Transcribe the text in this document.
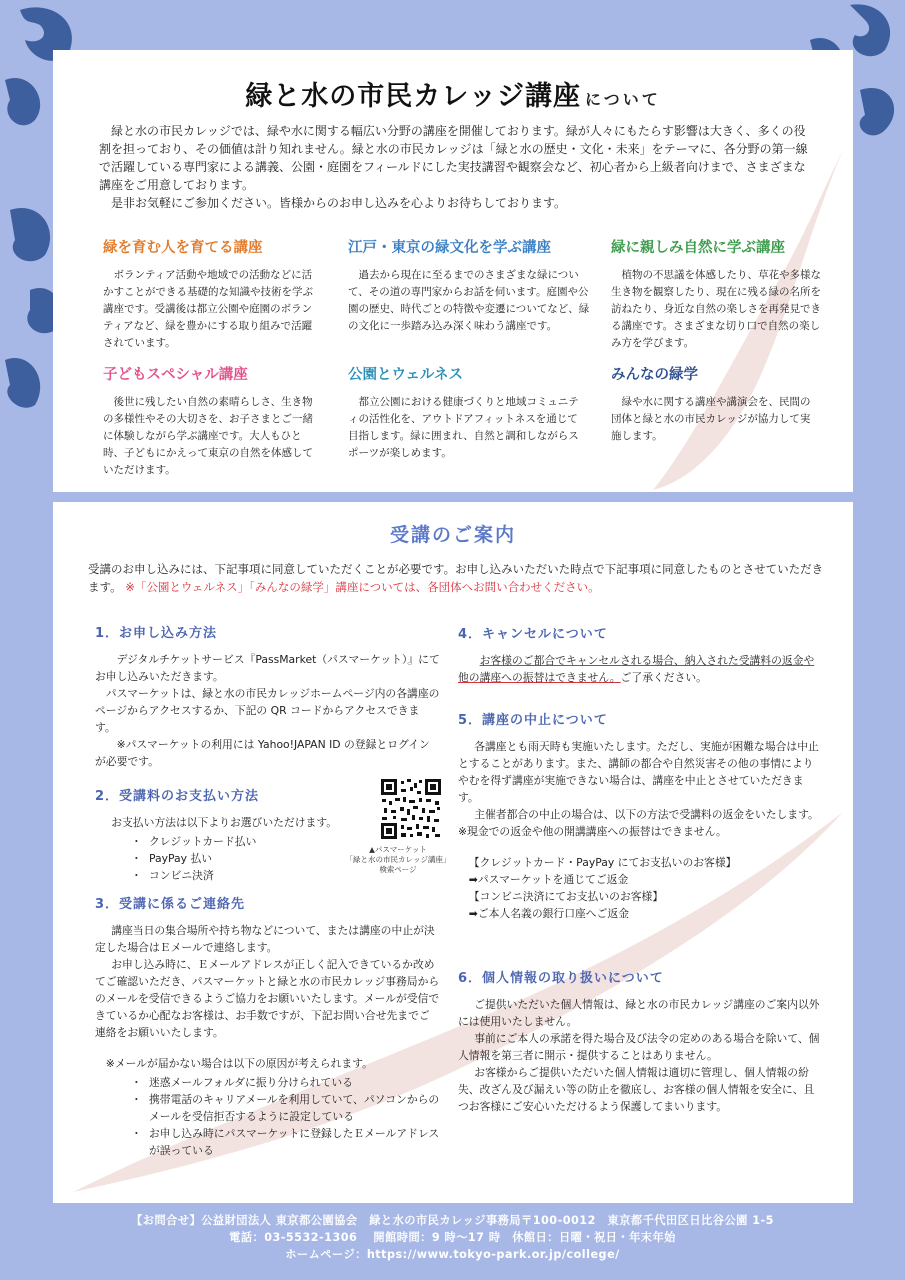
緑と水の市民カレッジ講座 について

緑と水の市民カレッジでは、緑や水に関する幅広い分野の講座を開催しております。緑が人々にもたらす影響は大きく、多くの役割を担っており、その価値は計り知れません。緑と水の市民カレッジは「緑と水の歴史・文化・未来」をテーマに、各分野の第一線で活躍している専門家による講義、公園・庭園をフィールドにした実技講習や観察会など、初心者から上級者向けまで、さまざまな講座をご用意しております。

是非お気軽にご参加ください。皆様からのお申し込みを心よりお待ちしております。

緑を育む人を育てる講座

ボランティア活動や地域での活動などに活かすことができる基礎的な知識や技術を学ぶ講座です。受講後は都立公園や庭園のボランティアなど、緑を豊かにする取り組みで活躍されています。

江戸・東京の緑文化を学ぶ講座

過去から現在に至るまでのさまざまな緑について、その道の専門家からお話を伺います。庭園や公園の歴史、時代ごとの特徴や変遷についてなど、緑の文化に一歩踏み込み深く味わう講座です。

緑に親しみ自然に学ぶ講座

植物の不思議を体感したり、草花や多様な生き物を観察したり、現在に残る緑の名所を訪ねたり、身近な自然の楽しさを再発見できる講座です。さまざまな切り口で自然の楽しみ方を学びます。

子どもスペシャル講座

後世に残したい自然の素晴らしさ、生き物の多様性やその大切さを、お子さまとご一緒に体験しながら学ぶ講座です。大人もひと時、子どもにかえって東京の自然を体感していただけます。

公園とウェルネス

都立公園における健康づくりと地域コミュニティの活性化を、アウトドアフィットネスを通じて目指します。緑に囲まれ、自然と調和しながらスポーツが楽しめます。

みんなの緑学

緑や水に関する講座や講演会を、民間の団体と緑と水の市民カレッジが協力して実施します。

受講のご案内
受講のお申し込みには、下記事項に同意していただくことが必要です。お申し込みいただいた時点で下記事項に同意したものとさせていただきます。 ※「公園とウェルネス」「みんなの緑学」講座については、各団体へお問い合わせください。
1．お申し込み方法

デジタルチケットサービス『PassMarket（パスマーケット）』にてお申し込みいただきます。

パスマーケットは、緑と水の市民カレッジホームページ内の各講座のページからアクセスするか、下記の QR コードからアクセスできます。

※パスマーケットの利用には Yahoo!JAPAN ID の登録とログインが必要です。

2．受講料のお支払い方法

お支払い方法は以下よりお選びいただけます。

・ クレジットカード払い
・ PayPay 払い
・ コンビニ決済
▲パスマーケット
「緑と水の市民カレッジ講座」
検索ページ
3．受講に係るご連絡先

講座当日の集合場所や持ち物などについて、または講座の中止が決定した場合はＥメールで連絡します。

お申し込み時に、Ｅメールアドレスが正しく記入できているか改めてご確認いただき、パスマーケットと緑と水の市民カレッジ事務局からのメールを受信できるようご協力をお願いいたします。メールが受信できているか心配なお客様は、お手数ですが、下記お問い合せ先までご連絡をお願いいたします。

※メールが届かない場合は以下の原因が考えられます。

・ 迷惑メールフォルダに振り分けられている
・ 携帯電話のキャリアメールを利用していて、パソコンからのメールを受信拒否するように設定している
・ お申し込み時にパスマーケットに登録したＥメールアドレスが誤っている
4．キャンセルについて

お客様のご都合でキャンセルされる場合、納入された受講料の返金や他の講座への振替はできません。ご了承ください。

5．講座の中止について

各講座とも雨天時も実施いたします。ただし、実施が困難な場合は中止とすることがあります。また、講師の都合や自然災害その他の事情によりやむを得ず講座が実施できない場合は、講座を中止とさせていただきます。

主催者都合の中止の場合は、以下の方法で受講料の返金をいたします。※現金での返金や他の開講講座への振替はできません。

【クレジットカード・PayPay にてお支払いのお客様】

➡パスマーケットを通じてご返金

【コンビニ決済にてお支払いのお客様】

➡ご本人名義の銀行口座へご返金

6．個人情報の取り扱いについて

ご提供いただいた個人情報は、緑と水の市民カレッジ講座のご案内以外には使用いたしません。

事前にご本人の承諾を得た場合及び法令の定めのある場合を除いて、個人情報を第三者に開示・提供することはありません。

お客様からご提供いただいた個人情報は適切に管理し、個人情報の紛失、改ざん及び漏えい等の防止を徹底し、お客様の個人情報を安全に、且つお客様にご安心いただけるよう保護してまいります。

【お問合せ】公益財団法人 東京都公園協会　緑と水の市民カレッジ事務局〒100-0012　東京都千代田区日比谷公園 1-5
電話：03-5532-1306　 開館時間：9 時～17 時　休館日：日曜・祝日・年末年始
ホームページ：https://www.tokyo-park.or.jp/college/
